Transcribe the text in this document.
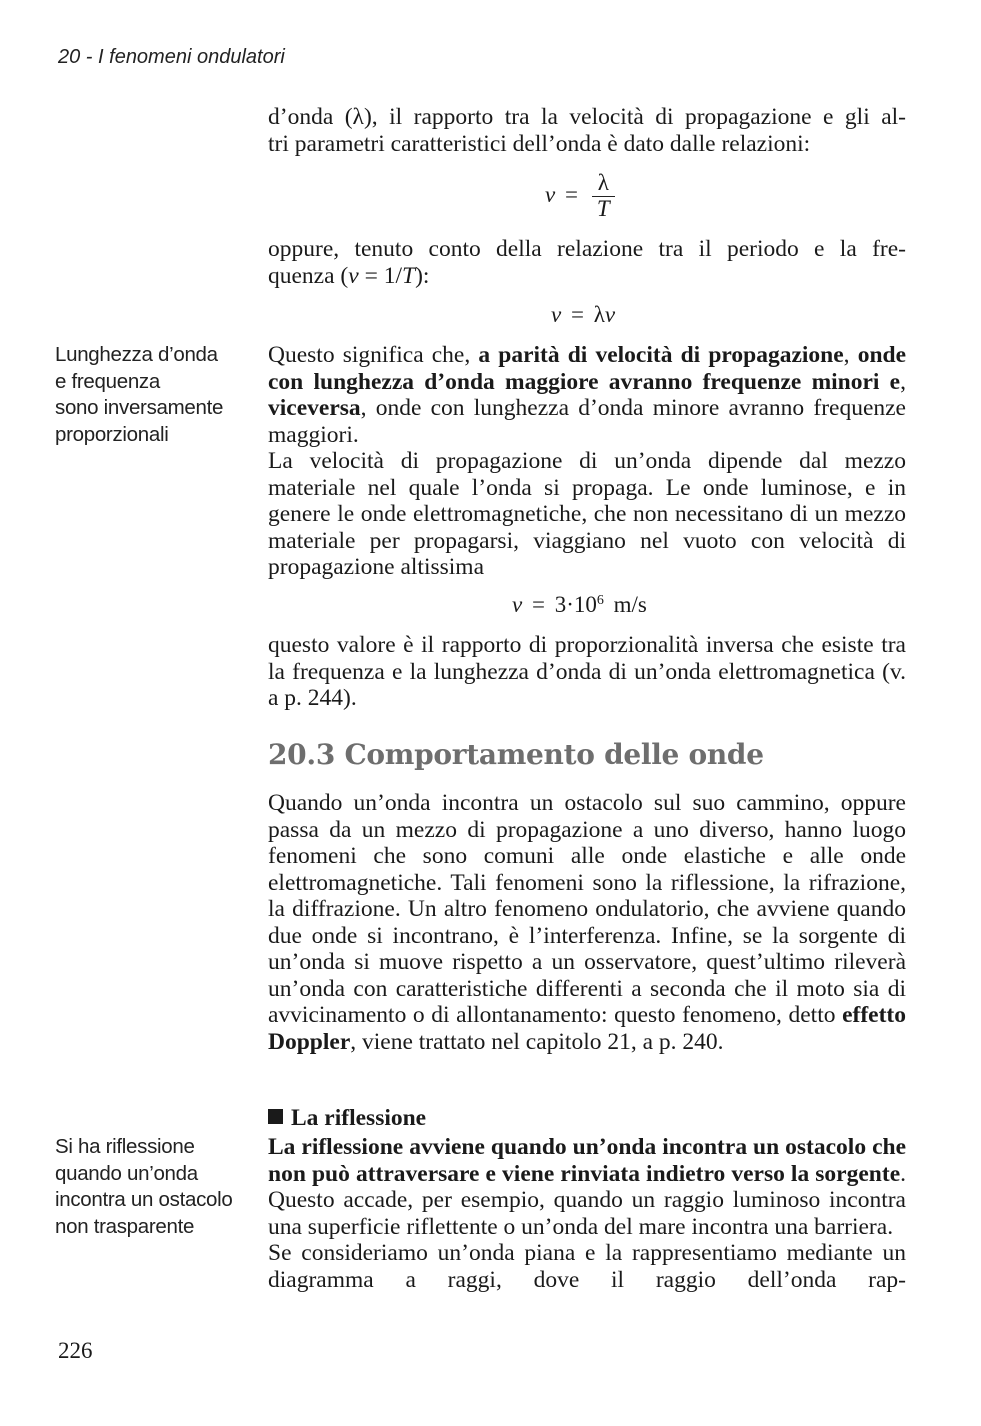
20 - I fenomeni ondulatori

d’onda (λ), il rapporto tra la velocità di propagazione e gli al-

tri parametri caratteristici dell’onda è dato dalle relazioni:

$v = \frac{\lambda}{T}$

oppure, tenuto conto della relazione tra il periodo e la fre-

quenza (ν = 1/T):

v = λν
Lunghezza d’onda
e frequenza
sono inversamente
proporzionali

Questo significa che, a parità di velocità di propagazione, onde con lunghezza d’onda maggiore avranno frequenze minori e, viceversa, onde con lunghezza d’onda minore avranno frequenze maggiori.

La velocità di propagazione di un’onda dipende dal mezzo materiale nel quale l’onda si propaga. Le onde luminose, e in genere le onde elettromagnetiche, che non necessitano di un mezzo materiale per propagarsi, viaggiano nel vuoto con velocità di propagazione altissima

$v = 3\cdot 10^6$ m/s

questo valore è il rapporto di proporzionalità inversa che esiste tra la frequenza e la lunghezza d’onda di un’onda elettromagnetica (v. a p. 244).

20.3 Comportamento delle onde

Quando un’onda incontra un ostacolo sul suo cammino, oppure passa da un mezzo di propagazione a uno diverso, hanno luogo fenomeni che sono comuni alle onde elastiche e alle onde elettromagnetiche. Tali fenomeni sono la riflessione, la rifrazione, la diffrazione. Un altro fenomeno ondulatorio, che avviene quando due onde si incontrano, è l’interferenza. Infine, se la sorgente di un’onda si muove rispetto a un osservatore, quest’ultimo rileverà un’onda con caratteristiche differenti a seconda che il moto sia di avvicinamento o di allontanamento: questo fenomeno, detto effetto Doppler, viene trattato nel capitolo 21, a p. 240.

La riflessione
Si ha riflessione
quando un’onda
incontra un ostacolo
non trasparente

La riflessione avviene quando un’onda incontra un ostacolo che non può attraversare e viene rinviata indietro verso la sorgente. Questo accade, per esempio, quando un raggio luminoso incontra una superficie riflettente o un’onda del mare incontra una barriera.

Se consideriamo un’onda piana e la rappresentiamo mediante un diagramma a raggi, dove il raggio dell’onda rap-

226
